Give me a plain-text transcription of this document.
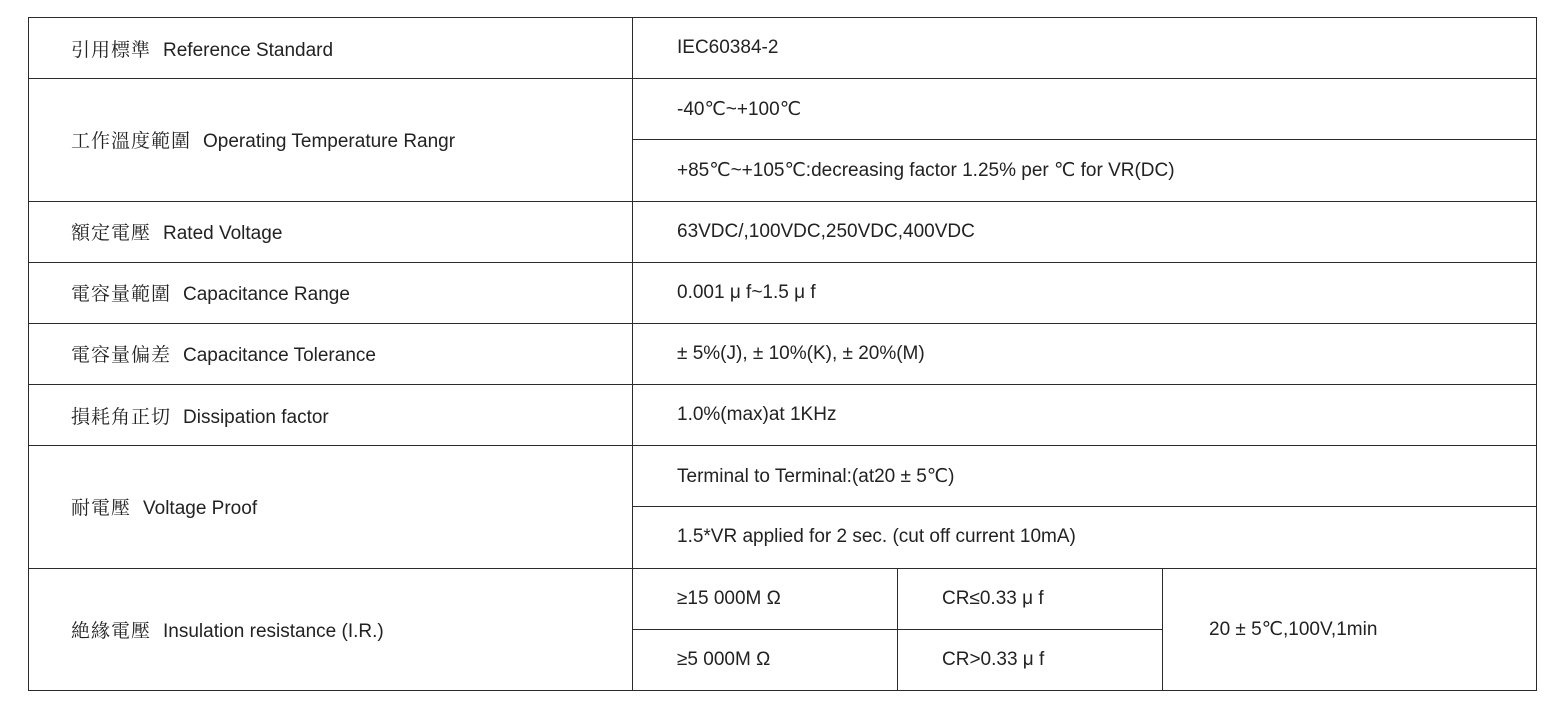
引用標準 Reference Standard	IEC60384-2		
工作溫度範圍 Operating Temperature Rangr	-40℃~+100℃		
	+85℃~+105℃:decreasing factor 1.25% per ℃ for VR(DC)		
額定電壓 Rated Voltage	63VDC/,100VDC,250VDC,400VDC		
電容量範圍 Capacitance Range	0.001 μ f~1.5 μ f		
電容量偏差 Capacitance Tolerance	± 5%(J), ± 10%(K), ± 20%(M)		
損耗角正切 Dissipation factor	1.0%(max)at 1KHz		
耐電壓 Voltage Proof	Terminal to Terminal:(at20 ± 5℃)		
	1.5*VR applied for 2 sec. (cut off current 10mA)		
絶緣電壓 Insulation resistance (I.R.)	≥15 000M Ω	CR≤0.33 μ f	20 ± 5℃,100V,1min
	≥5 000M Ω	CR>0.33 μ f	
